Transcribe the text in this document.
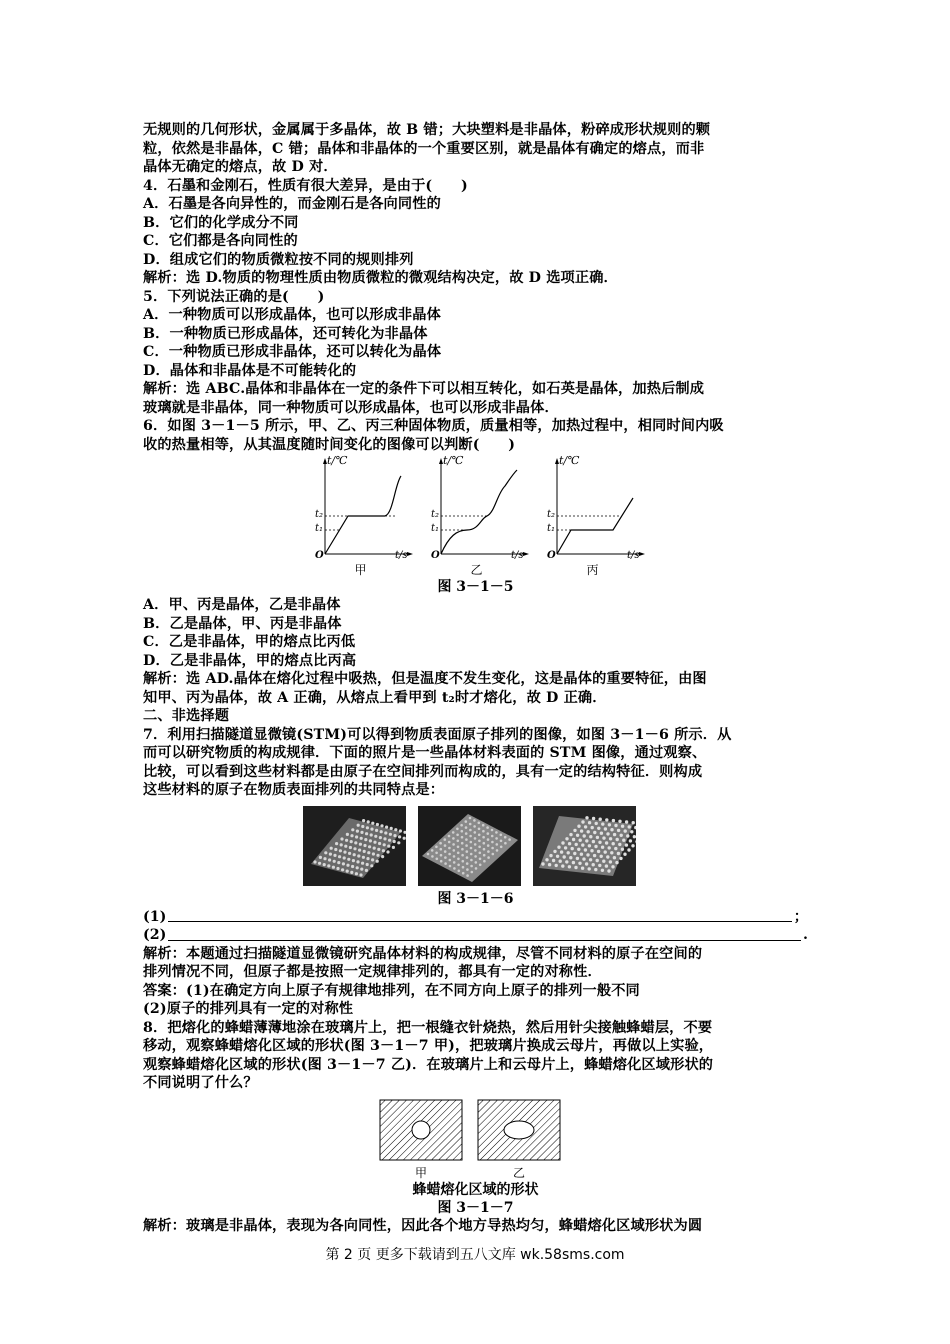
无规则的几何形状，金属属于多晶体，故 B 错；大块塑料是非晶体，粉碎成形状规则的颗
粒，依然是非晶体，C 错；晶体和非晶体的一个重要区别，就是晶体有确定的熔点，而非
晶体无确定的熔点，故 D 对．
4．石墨和金刚石，性质有很大差异，是由于(　　)
A．石墨是各向异性的，而金刚石是各向同性的
B．它们的化学成分不同
C．它们都是各向同性的
D．组成它们的物质微粒按不同的规则排列
解析：选 D.物质的物理性质由物质微粒的微观结构决定，故 D 选项正确．
5．下列说法正确的是(　　)
A．一种物质可以形成晶体，也可以形成非晶体
B．一种物质已形成晶体，还可转化为非晶体
C．一种物质已形成非晶体，还可以转化为晶体
D．晶体和非晶体是不可能转化的
解析：选 ABC.晶体和非晶体在一定的条件下可以相互转化，如石英是晶体，加热后制成
玻璃就是非晶体，同一种物质可以形成晶体，也可以形成非晶体．
6．如图 3－1－5 所示，甲、乙、丙三种固体物质，质量相等，加热过程中，相同时间内吸
收的热量相等，从其温度随时间变化的图像可以判断(　　)
t/℃
t₂
t₁
O	t/s
甲
t/℃
t₂
t₁
O	t/s
乙
t/℃
t₂
t₁
O	t/s
丙
图 3－1－5
A．甲、丙是晶体，乙是非晶体
B．乙是晶体，甲、丙是非晶体
C．乙是非晶体，甲的熔点比丙低
D．乙是非晶体，甲的熔点比丙高
解析：选 AD.晶体在熔化过程中吸热，但是温度不发生变化，这是晶体的重要特征，由图
知甲、丙为晶体，故 A 正确，从熔点上看甲到 t₂时才熔化，故 D 正确．
二、非选择题
7．利用扫描隧道显微镜(STM)可以得到物质表面原子排列的图像，如图 3－1－6 所示．从
而可以研究物质的构成规律．下面的照片是一些晶体材料表面的 STM 图像，通过观察、
比较，可以看到这些材料都是由原子在空间排列而构成的，具有一定的结构特征．则构成
这些材料的原子在物质表面排列的共同特点是：
图 3－1－6
(1)	；
(2)	.
解析：本题通过扫描隧道显微镜研究晶体材料的构成规律，尽管不同材料的原子在空间的
排列情况不同，但原子都是按照一定规律排列的，都具有一定的对称性．
答案：(1)在确定方向上原子有规律地排列，在不同方向上原子的排列一般不同
(2)原子的排列具有一定的对称性
8．把熔化的蜂蜡薄薄地涂在玻璃片上，把一根缝衣针烧热，然后用针尖接触蜂蜡层，不要
移动，观察蜂蜡熔化区域的形状(图 3－1－7 甲)，把玻璃片换成云母片，再做以上实验，
观察蜂蜡熔化区域的形状(图 3－1－7 乙)．在玻璃片上和云母片上，蜂蜡熔化区域形状的
不同说明了什么？
甲	乙
蜂蜡熔化区域的形状
图 3－1－7
解析：玻璃是非晶体，表现为各向同性，因此各个地方导热均匀，蜂蜡熔化区域形状为圆
第 2 页 更多下载请到五八文库 wk.58sms.com
